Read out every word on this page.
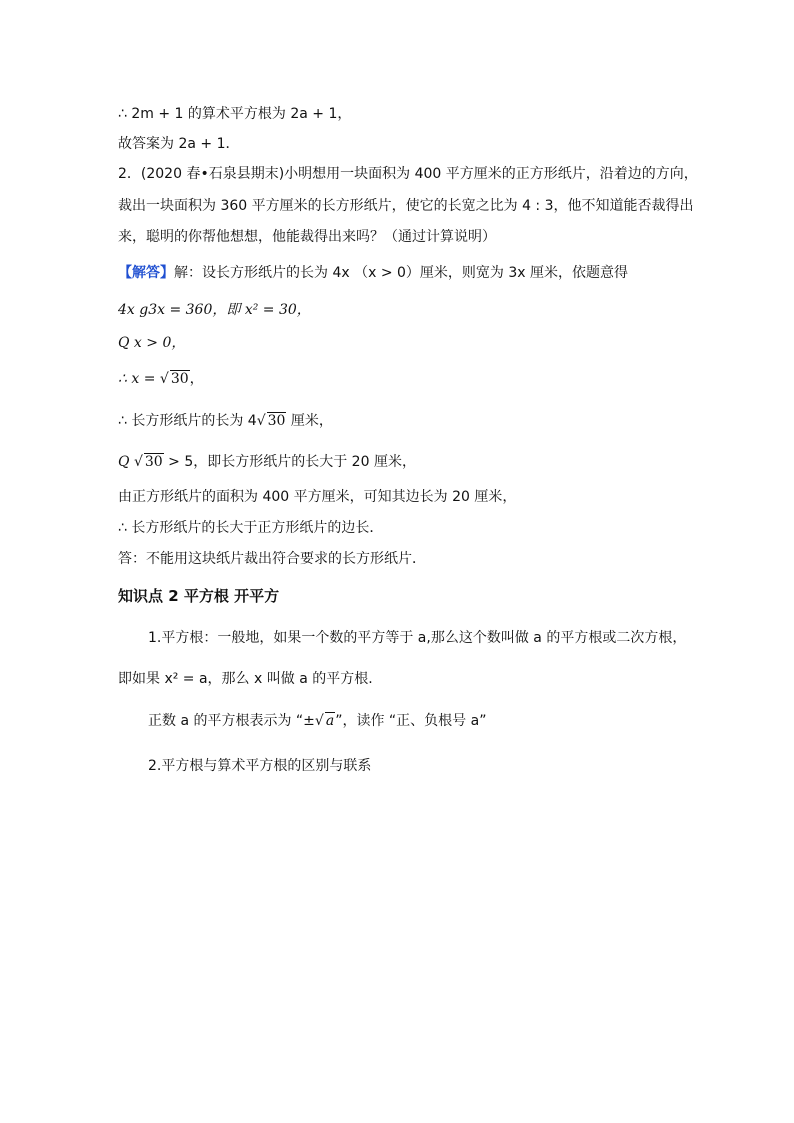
∴ 2m + 1 的算术平方根为 2a + 1，
故答案为 2a + 1．
2．(2020 春•石泉县期末)小明想用一块面积为 400 平方厘米的正方形纸片，沿着边的方向，
裁出一块面积为 360 平方厘米的长方形纸片，使它的长宽之比为 4 : 3，他不知道能否裁得出
来，聪明的你帮他想想，他能裁得出来吗？（通过计算说明）
【解答】解：设长方形纸片的长为 4x （x > 0）厘米，则宽为 3x 厘米，依题意得
4x g3x = 360，即 x² = 30，
Q x > 0，
∴ x = √ 30，
∴ 长方形纸片的长为 4√ 30 厘米，
Q √ 30 > 5，即长方形纸片的长大于 20 厘米，
由正方形纸片的面积为 400 平方厘米，可知其边长为 20 厘米，
∴ 长方形纸片的长大于正方形纸片的边长．
答：不能用这块纸片裁出符合要求的长方形纸片．
知识点 2 平方根 开平方
1.平方根：一般地，如果一个数的平方等于 a,那么这个数叫做 a 的平方根或二次方根，
即如果 x² = a，那么 x 叫做 a 的平方根.
正数 a 的平方根表示为 “±√ a”，读作 “正、负根号 a”
2.平方根与算术平方根的区别与联系
